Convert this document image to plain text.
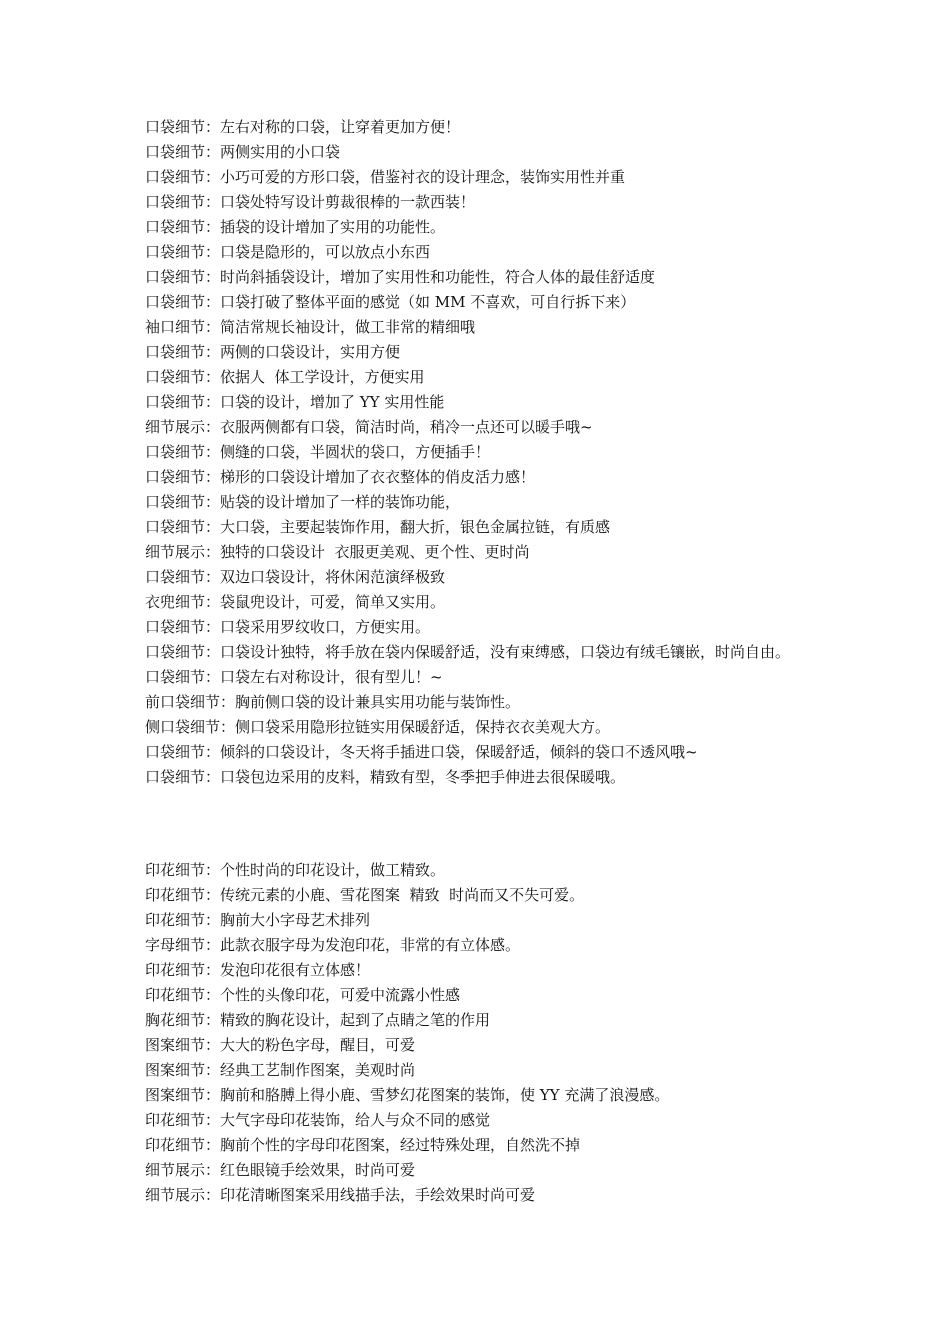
口袋细节：左右对称的口袋，让穿着更加方便！
口袋细节：两侧实用的小口袋
口袋细节：小巧可爱的方形口袋，借鉴衬衣的设计理念，装饰实用性并重
口袋细节：口袋处特写设计剪裁很棒的一款西装！
口袋细节：插袋的设计增加了实用的功能性。
口袋细节：口袋是隐形的，可以放点小东西
口袋细节：时尚斜插袋设计，增加了实用性和功能性，符合人体的最佳舒适度
口袋细节：口袋打破了整体平面的感觉（如 MM 不喜欢，可自行拆下来）
袖口细节：简洁常规长袖设计，做工非常的精细哦
口袋细节：两侧的口袋设计，实用方便
口袋细节：依据人  体工学设计，方便实用
口袋细节：口袋的设计，增加了 YY 实用性能
细节展示：衣服两侧都有口袋，简洁时尚，稍冷一点还可以暖手哦~
口袋细节：侧缝的口袋，半圆状的袋口，方便插手！
口袋细节：梯形的口袋设计增加了衣衣整体的俏皮活力感！
口袋细节：贴袋的设计增加了一样的装饰功能，
口袋细节：大口袋，主要起装饰作用，翻大折，银色金属拉链，有质感
细节展示：独特的口袋设计  衣服更美观、更个性、更时尚
口袋细节：双边口袋设计，将休闲范演绎极致
衣兜细节：袋鼠兜设计，可爱，简单又实用。
口袋细节：口袋采用罗纹收口，方便实用。
口袋细节：口袋设计独特，将手放在袋内保暖舒适，没有束缚感，口袋边有绒毛镶嵌，时尚自由。
口袋细节：口袋左右对称设计，很有型儿！~
前口袋细节：胸前侧口袋的设计兼具实用功能与装饰性。
侧口袋细节：侧口袋采用隐形拉链实用保暖舒适，保持衣衣美观大方。
口袋细节：倾斜的口袋设计，冬天将手插进口袋，保暖舒适，倾斜的袋口不透风哦~
口袋细节：口袋包边采用的皮料，精致有型，冬季把手伸进去很保暖哦。
印花细节：个性时尚的印花设计，做工精致。
印花细节：传统元素的小鹿、雪花图案  精致  时尚而又不失可爱。
印花细节：胸前大小字母艺术排列
字母细节：此款衣服字母为发泡印花，非常的有立体感。
印花细节：发泡印花很有立体感！
印花细节：个性的头像印花，可爱中流露小性感
胸花细节：精致的胸花设计，起到了点睛之笔的作用
图案细节：大大的粉色字母，醒目，可爱
图案细节：经典工艺制作图案，美观时尚
图案细节：胸前和胳膊上得小鹿、雪梦幻花图案的装饰，使 YY 充满了浪漫感。
印花细节：大气字母印花装饰，给人与众不同的感觉
印花细节：胸前个性的字母印花图案，经过特殊处理，自然洗不掉
细节展示：红色眼镜手绘效果，时尚可爱
细节展示：印花清晰图案采用线描手法，手绘效果时尚可爱
